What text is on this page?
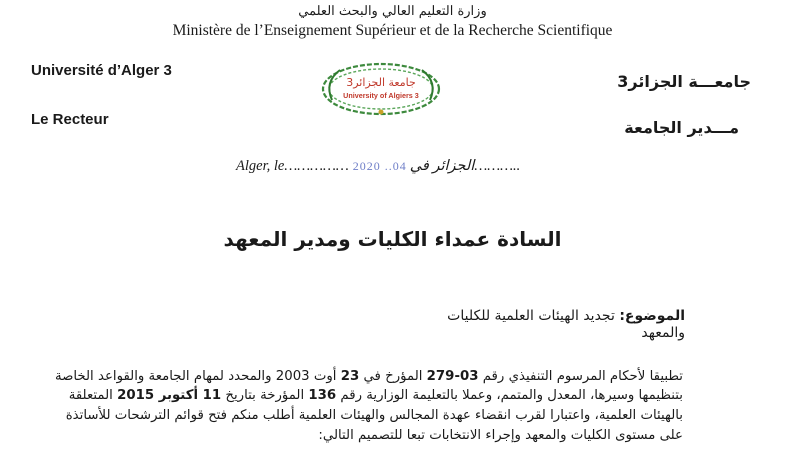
وزارة التعليم العالي والبحث العلمي
Ministère de l’Enseignement Supérieur et de la Recherche Scientifique
Université d’Alger 3
Le Recteur
جامعـــة الجزائر3
مـــدير الجامعة
جامعة الجزائر3
University of Algiers 3
Alger, le…………… 2020 ..04 الجزائر في………..
السادة عمداء الكليات ومدير المعهد
الموضوع: تجديد الهيئات العلمية للكليات
والمعهد
تطبيقا لأحكام المرسوم التنفيذي رقم 03-279 المؤرخ في 23 أوت 2003 والمحدد لمهام الجامعة والقواعد الخاصة
بتنظيمها وسيرها، المعدل والمتمم، وعملا بالتعليمة الوزارية رقم 136 المؤرخة بتاريخ 11 أكتوبر 2015 المتعلقة
بالهيئات العلمية، واعتبارا لقرب انقضاء عهدة المجالس والهيئات العلمية أطلب منكم فتح قوائم الترشحات للأساتذة
على مستوى الكليات والمعهد وإجراء الانتخابات تبعا للتصميم التالي:
